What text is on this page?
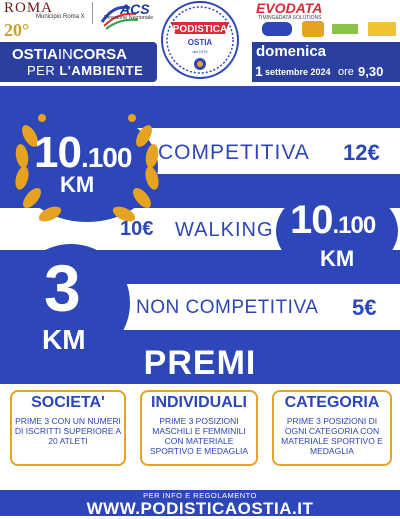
ROMA
Municipio Roma X
20°
ACS
Direzione Nazionale
OSTIAINCORSA
PER L'AMBIENTE
PODISTICA
OSTIA
dal 1979
EVODATA
TIMING&DATA SOLUTIONS
domenica
1 settembre 2024 ore 9,30
10.100
KM
COMPETITIVA 12€
10€ WALKING 10.100
KM
3
KM
NON COMPETITIVA 5€
PREMI
SOCIETA'
PRIME 3 CON UN NUMERI DI ISCRITTI SUPERIORE A 20 ATLETI
INDIVIDUALI
PRIME 3 POSIZIONI MASCHILI E FEMMINILI CON MATERIALE SPORTIVO E MEDAGLIA
CATEGORIA
PRIME 3 POSIZIONI DI OGNI CATEGORIA CON MATERIALE SPORTIVO E MEDAGLIA
PER INFO E REGOLAMENTO
WWW.PODISTICAOSTIA.IT
